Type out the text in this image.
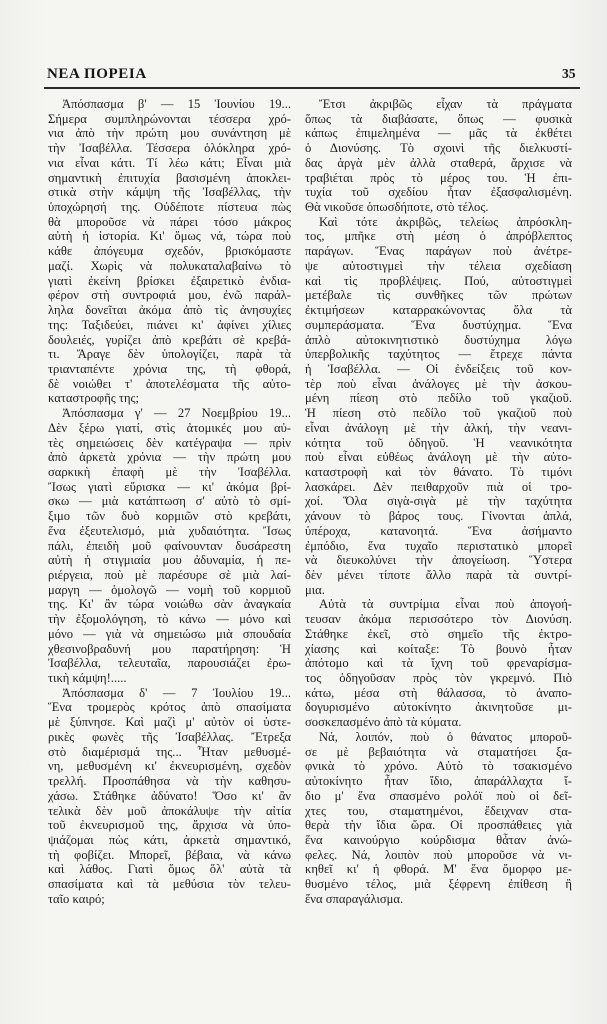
ΝΕΑ ΠΟΡΕΙΑ	35
Ἀπόσπασμα β' — 15 Ἰουνίου 19...
Σήμερα συμπληρώνονται τέσσερα χρό-
νια ἀπὸ τὴν πρώτη μου συνάντηση μὲ
τὴν Ἰσαβέλλα. Τέσσερα ὁλόκληρα χρό-
νια εἶναι κάτι. Τί λέω κάτι; Εἶναι μιὰ
σημαντικὴ ἐπιτυχία βασισμένη ἀποκλει-
στικὰ στὴν κάμψη τῆς Ἰσαβέλλας, τὴν
ὑποχώρησή της. Οὐδέποτε πίστευα πὼς
θὰ μποροῦσε νὰ πάρει τόσο μάκρος
αὐτὴ ἡ ἱστορία. Κι' ὅμως νά, τώρα ποὺ
κάθε ἀπόγευμα σχεδόν, βρισκόμαστε
μαζί. Χωρὶς νὰ πολυκαταλαβαίνω τὸ
γιατὶ ἐκείνη βρίσκει ἐξαιρετικὸ ἐνδια-
φέρον στὴ συντροφιά μου, ἐνῶ παράλ-
ληλα δονεῖται ἀκόμα ἀπὸ τὶς ἀνησυχίες
της: Ταξιδεύει, πιάνει κι' ἀφίνει χίλιες
δουλειές, γυρίζει ἀπὸ κρεβάτι σὲ κρεβά-
τι. Ἄραγε δὲν ὑπολογίζει, παρὰ τὰ
τριανταπέντε χρόνια της, τὴ φθορά,
δὲ νοιώθει τ' ἀποτελέσματα τῆς αὐτο-
καταστροφῆς της;
Ἀπόσπασμα γ' — 27 Νοεμβρίου 19...
Δὲν ξέρω γιατί, στὶς ἀτομικές μου αὐ-
τὲς σημειώσεις δὲν κατέγραψα — πρὶν
ἀπὸ ἀρκετὰ χρόνια — τὴν πρώτη μου
σαρκικὴ ἐπαφὴ μὲ τὴν Ἰσαβέλλα.
Ἴσως γιατὶ εὕρισκα — κι' ἀκόμα βρί-
σκω — μιὰ κατάπτωση σ' αὐτὸ τὸ σμί-
ξιμο τῶν δυὸ κορμιῶν στὸ κρεβάτι,
ἕνα ἐξευτελισμό, μιὰ χυδαιότητα. Ἴσως
πάλι, ἐπειδὴ μοῦ φαίνουνταν δυσάρεστη
αὐτὴ ἡ στιγμιαία μου ἀδυναμία, ἡ πε-
ριέργεια, ποὺ μὲ παρέσυρε σὲ μιὰ λαί-
μαργη — ὁμολογῶ — νομὴ τοῦ κορμιοῦ
της. Κι' ἂν τώρα νοιώθω σὰν ἀναγκαία
τὴν ἐξομολόγηση, τὸ κάνω — μόνο καὶ
μόνο — γιὰ νὰ σημειώσω μιὰ σπουδαία
χθεσινοβραδυνή μου παρατήρηση: Ἡ
Ἰσαβέλλα, τελευταῖα, παρουσιάζει ἐρω-
τικὴ κάμψη!.....
Ἀπόσπασμα δ' — 7 Ἰουλίου 19...
Ἕνα τρομερὸς κρότος ἀπὸ σπασίματα
μὲ ξύπνησε. Καὶ μαζὶ μ' αὐτὸν οἱ ὑστε-
ρικὲς φωνὲς τῆς Ἰσαβέλλας. Ἔτρεξα
στὸ διαμέρισμά της... Ἦταν μεθυσμέ-
νη, μεθυσμένη κι' ἐκνευρισμένη, σχεδὸν
τρελλή. Προσπάθησα νὰ τὴν καθησυ-
χάσω. Στάθηκε ἀδύνατο! Ὅσο κι' ἂν
τελικὰ δὲν μοῦ ἀποκάλυψε τὴν αἰτία
τοῦ ἐκνευρισμοῦ της, ἄρχισα νὰ ὑπο-
ψιάζομαι πὼς κάτι, ἀρκετὰ σημαντικό,
τὴ φοβίζει. Μπορεῖ, βέβαια, νὰ κάνω
καὶ λάθος. Γιατὶ ὅμως ὅλ' αὐτὰ τὰ
σπασίματα καὶ τὰ μεθύσια τὸν τελευ-
ταῖο καιρό;
Ἔτσι ἀκριβῶς εἶχαν τὰ πράγματα
ὅπως τὰ διαβάσατε, ὅπως — φυσικὰ
κάπως ἐπιμελημένα — μᾶς τὰ ἐκθέτει
ὁ Διονύσης. Τὸ σχοινὶ τῆς διελκυστί-
δας ἀργὰ μὲν ἀλλὰ σταθερά, ἄρχισε νὰ
τραβιέται πρὸς τὸ μέρος του. Ἡ ἐπι-
τυχία τοῦ σχεδίου ἦταν ἐξασφαλισμένη.
Θὰ νικοῦσε ὁπωσδήποτε, στὸ τέλος.
Καὶ τότε ἀκριβῶς, τελείως ἀπρόσκλη-
τος, μπῆκε στὴ μέση ὁ ἀπρόβλεπτος
παράγων. Ἕνας παράγων ποὺ ἀνέτρε-
ψε αὐτοστιγμεὶ τὴν τέλεια σχεδίαση
καὶ τὶς προβλέψεις. Πού, αὐτοστιγμεὶ
μετέβαλε τὶς συνθῆκες τῶν πρώτων
ἐκτιμήσεων καταρρακώνοντας ὅλα τὰ
συμπεράσματα. Ἕνα δυστύχημα. Ἕνα
ἁπλὸ αὐτοκινητιστικὸ δυστύχημα λόγω
ὑπερβολικῆς ταχύτητος — ἔτρεχε πάντα
ἡ Ἰσαβέλλα. — Οἱ ἐνδείξεις τοῦ κον-
τὲρ ποὺ εἶναι ἀνάλογες μὲ τὴν ἀσκου-
μένη πίεση στὸ πεδίλο τοῦ γκαζιοῦ.
Ἡ πίεση στὸ πεδίλο τοῦ γκαζιοῦ ποὺ
εἶναι ἀνάλογη μὲ τὴν ἀλκή, τὴν νεανι-
κότητα τοῦ ὁδηγοῦ. Ἡ νεανικότητα
ποὺ εἶναι εὐθέως ἀνάλογη μὲ τὴν αὐτο-
καταστροφὴ καὶ τὸν θάνατο. Τὸ τιμόνι
λασκάρει. Δὲν πειθαρχοῦν πιὰ οἱ τρο-
χοί. Ὅλα σιγὰ-σιγὰ μὲ τὴν ταχύτητα
χάνουν τὸ βάρος τους. Γίνονται ἁπλά,
ὑπέροχα, κατανοητά. Ἕνα ἀσήμαντο
ἐμπόδιο, ἕνα τυχαῖο περιστατικὸ μπορεῖ
νὰ διευκολύνει τὴν ἀπογείωση. Ὕστερα
δὲν μένει τίποτε ἄλλο παρὰ τὰ συντρί-
μια.
Αὐτὰ τὰ συντρίμια εἶναι ποὺ ἀπογοή-
τευσαν ἀκόμα περισσότερο τὸν Διονύση.
Στάθηκε ἐκεῖ, στὸ σημεῖο τῆς ἐκτρο-
χίασης καὶ κοίταξε: Τὸ βουνὸ ἦταν
ἀπότομο καὶ τὰ ἴχνη τοῦ φρεναρίσμα-
τος ὁδηγοῦσαν πρὸς τὸν γκρεμνό. Πιὸ
κάτω, μέσα στὴ θάλασσα, τὸ ἀναπο-
δογυρισμένο αὐτοκίνητο ἀκινητοῦσε μι-
σοσκεπασμένο ἀπὸ τὰ κύματα.
Νά, λοιπόν, ποὺ ὁ θάνατος μποροῦ-
σε μὲ βεβαιότητα νὰ σταματήσει ξα-
φνικὰ τὸ χρόνο. Αὐτὸ τὸ τσακισμένο
αὐτοκίνητο ἦταν ἴδιο, ἀπαράλλαχτα ἴ-
διο μ' ἕνα σπασμένο ρολόϊ ποὺ οἱ δεῖ-
χτες του, σταματημένοι, ἔδειχναν στα-
θερὰ τὴν ἴδια ὥρα. Οἱ προσπάθειες γιὰ
ἕνα καινούργιο κούρδισμα θἆταν ἀνώ-
φελες. Νά, λοιπὸν ποὺ μποροῦσε νὰ νι-
κηθεῖ κι' ἡ φθορά. Μ' ἕνα ὄμορφο με-
θυσμένο τέλος, μιὰ ξέφρενη ἐπίθεση ἢ
ἕνα σπαραγάλισμα.
